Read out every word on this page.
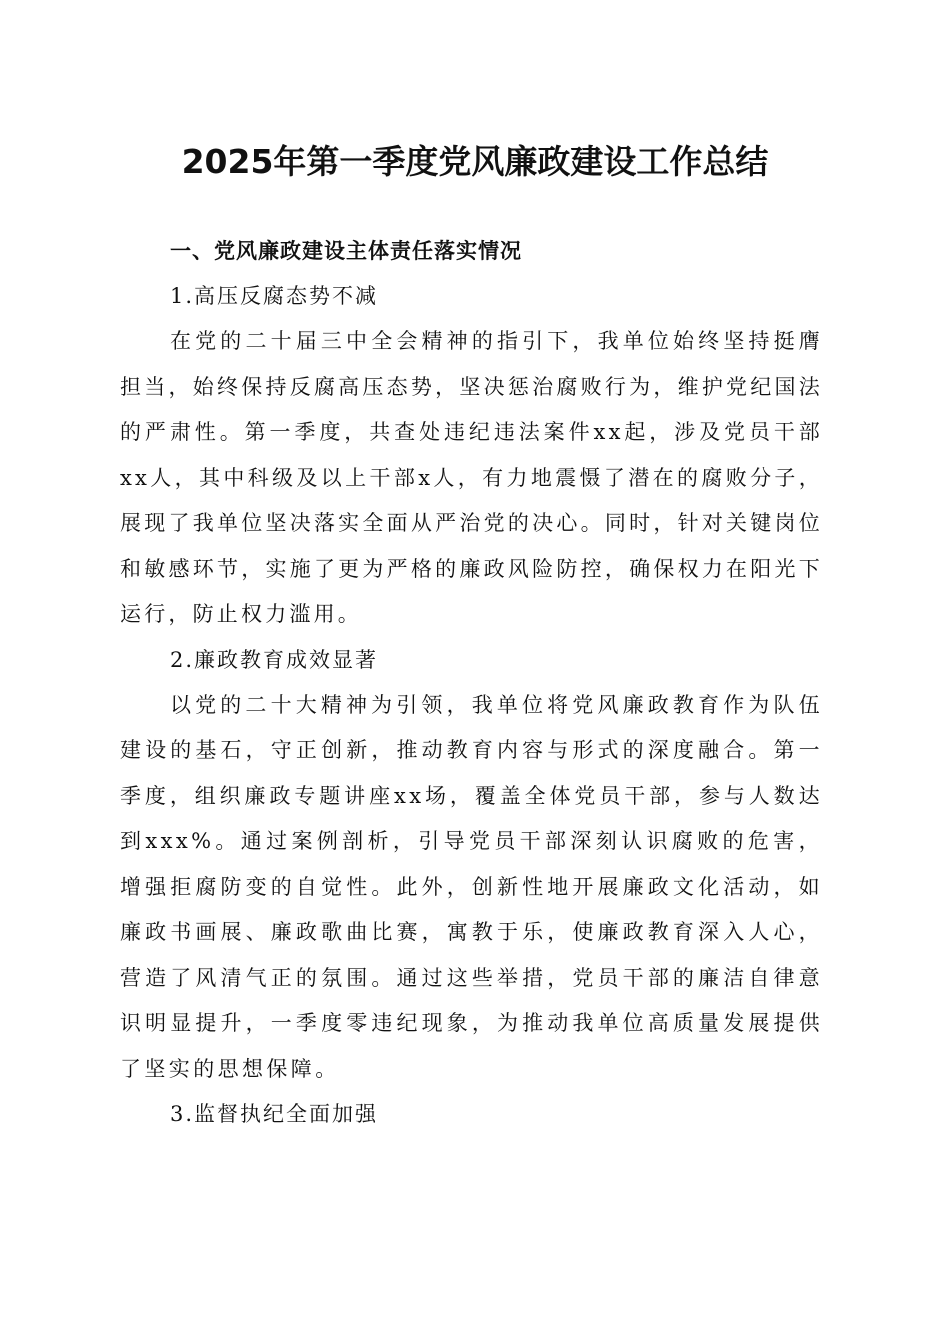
2025年第一季度党风廉政建设工作总结
一、党风廉政建设主体责任落实情况
1.高压反腐态势不减
在党的二十届三中全会精神的指引下，我单位始终坚持挺膺担当，始终保持反腐高压态势，坚决惩治腐败行为，维护党纪国法的严肃性。第一季度，共查处违纪违法案件xx起，涉及党员干部xx人，其中科级及以上干部x人，有力地震慑了潜在的腐败分子，展现了我单位坚决落实全面从严治党的决心。同时，针对关键岗位和敏感环节，实施了更为严格的廉政风险防控，确保权力在阳光下运行，防止权力滥用。
2.廉政教育成效显著
以党的二十大精神为引领，我单位将党风廉政教育作为队伍建设的基石，守正创新，推动教育内容与形式的深度融合。第一季度，组织廉政专题讲座xx场，覆盖全体党员干部，参与人数达到xxx%。通过案例剖析，引导党员干部深刻认识腐败的危害，增强拒腐防变的自觉性。此外，创新性地开展廉政文化活动，如廉政书画展、廉政歌曲比赛，寓教于乐，使廉政教育深入人心，营造了风清气正的氛围。通过这些举措，党员干部的廉洁自律意识明显提升，一季度零违纪现象，为推动我单位高质量发展提供了坚实的思想保障。
3.监督执纪全面加强
